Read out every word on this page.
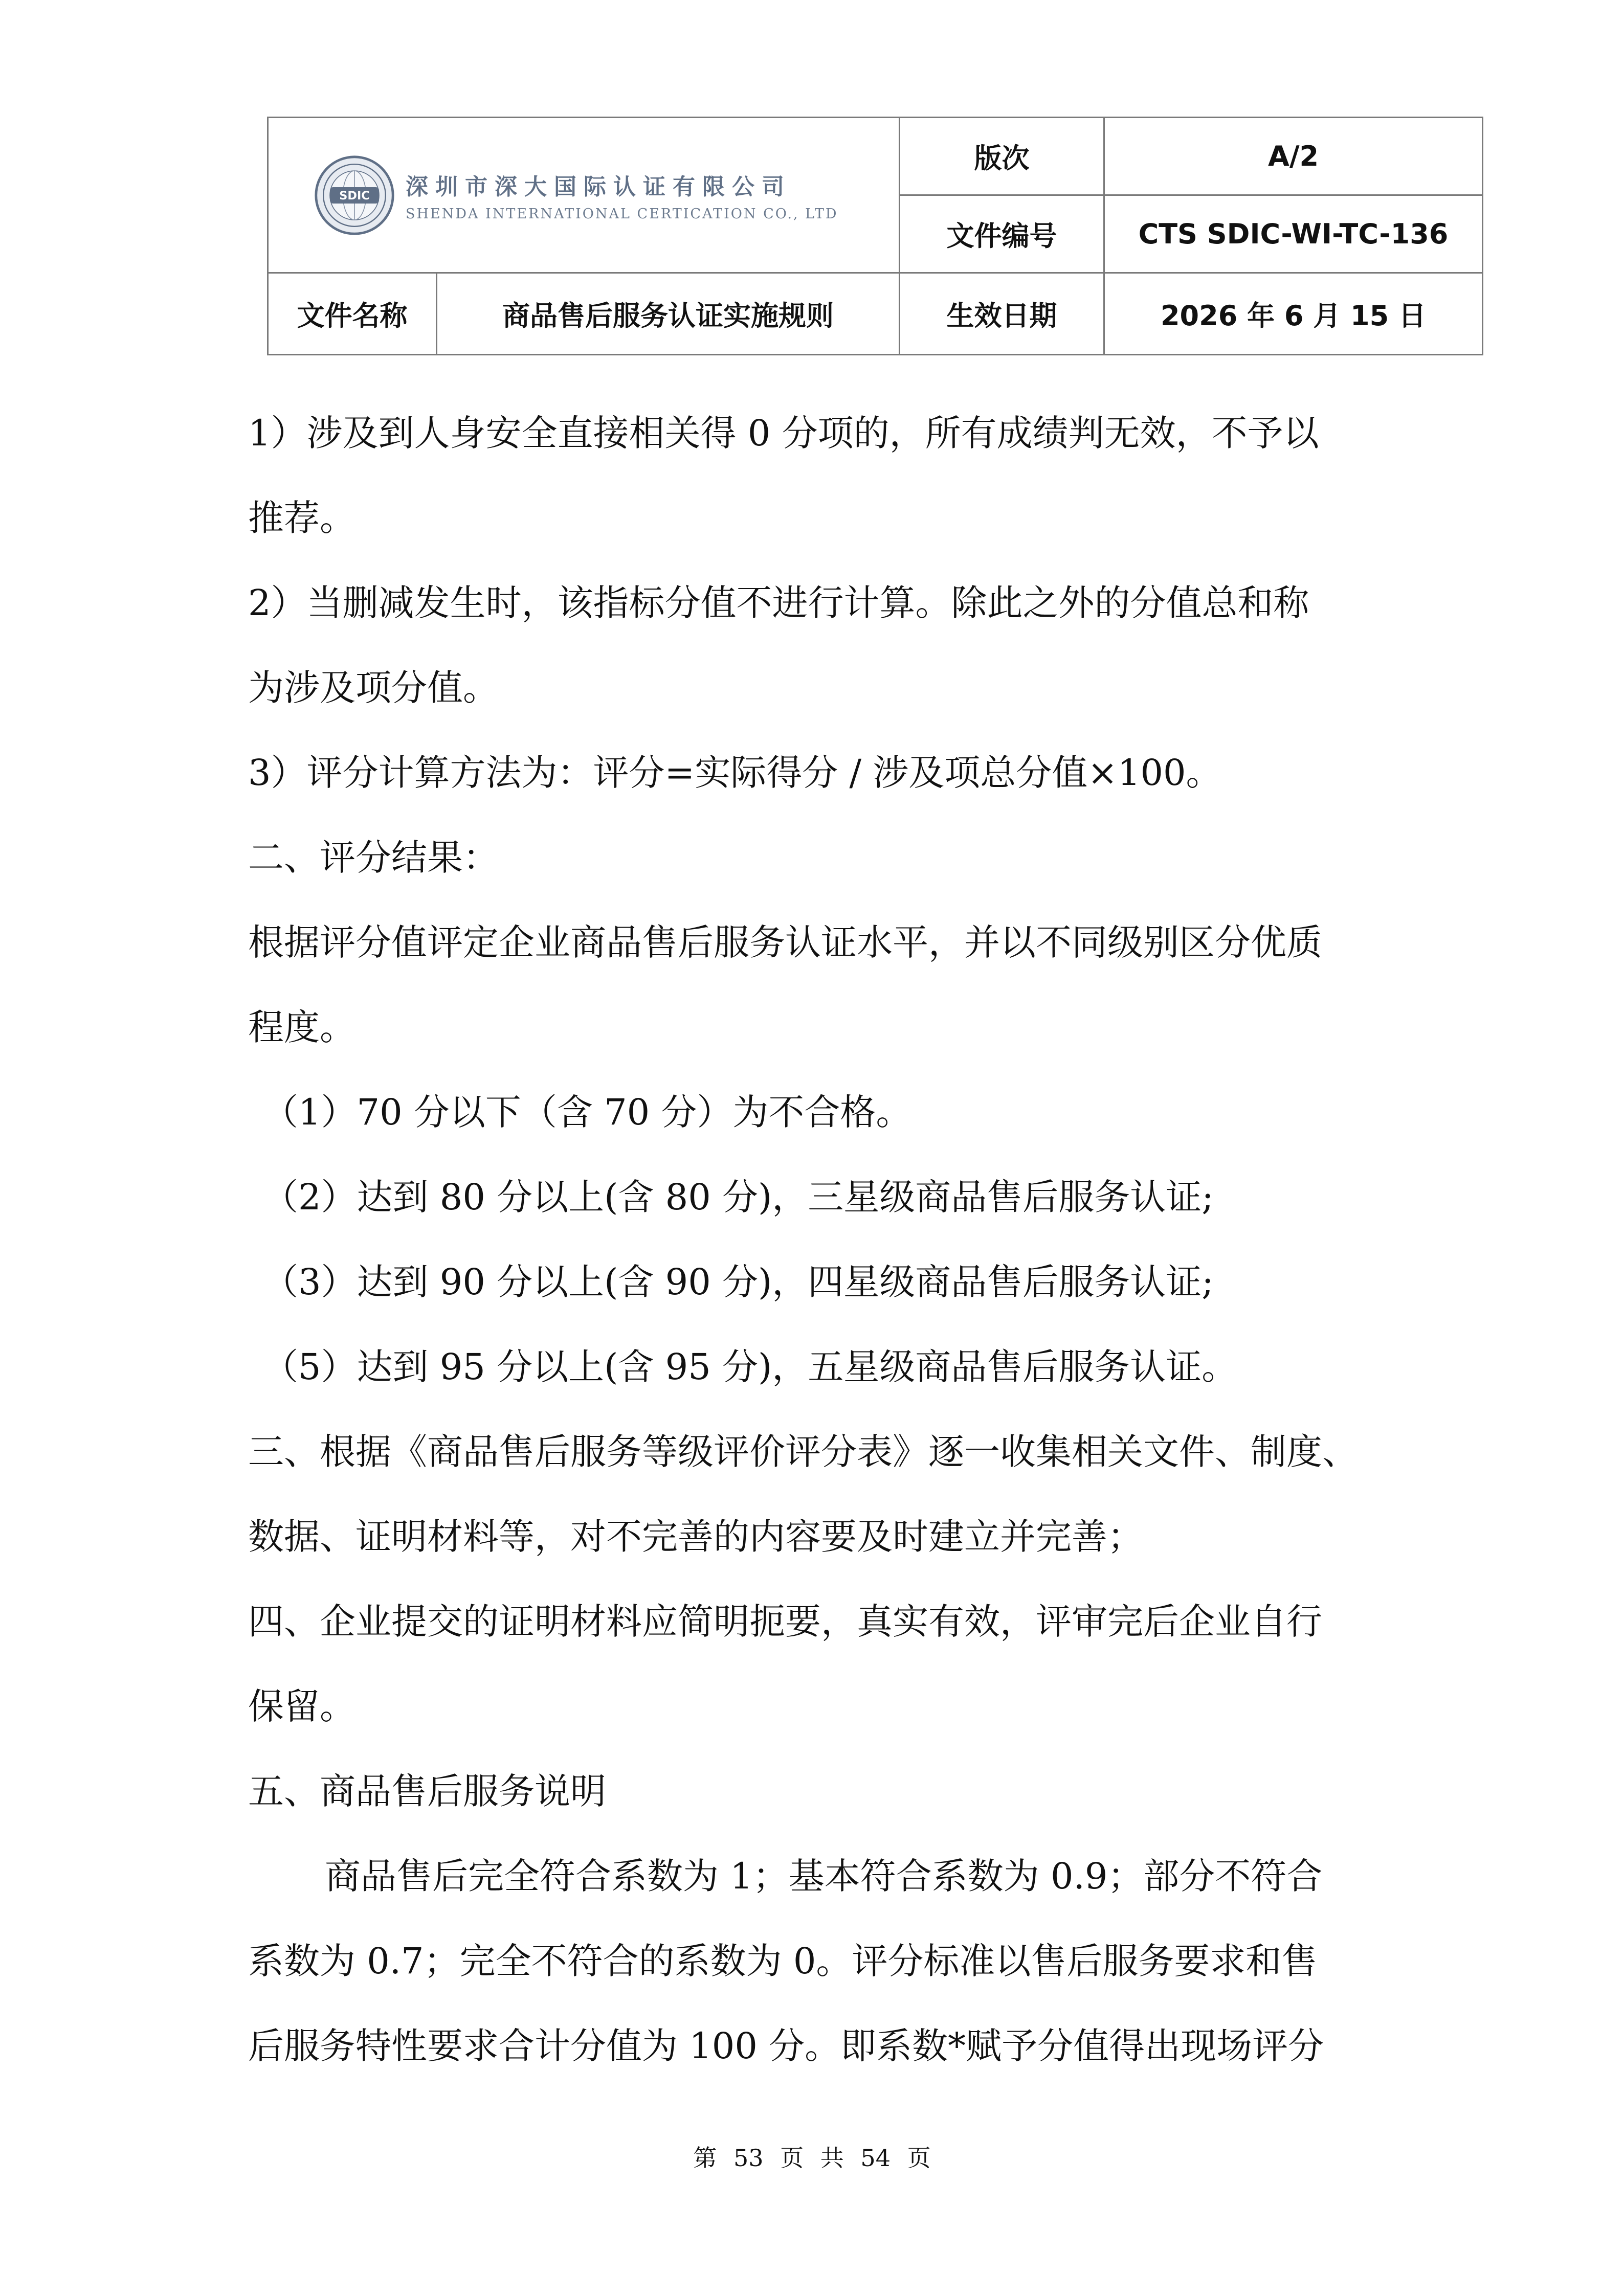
SDIC 深圳市深大国际认证有限公司
SHENDA INTERNATIONAL CERTICATION CO., LTD		版次	A/2
		文件编号	CTS SDIC-WI-TC-136
文件名称	商品售后服务认证实施规则	生效日期	2026 年 6 月 15 日

1）涉及到人身安全直接相关得 0 分项的，所有成绩判无效，不予以

推荐。

2）当删减发生时，该指标分值不进行计算。除此之外的分值总和称

为涉及项分值。

3）评分计算方法为：评分=实际得分 / 涉及项总分值×100。

二、评分结果：

根据评分值评定企业商品售后服务认证水平，并以不同级别区分优质

程度。

（1）70 分以下（含 70 分）为不合格。

（2）达到 80 分以上(含 80 分)，三星级商品售后服务认证;

（3）达到 90 分以上(含 90 分)，四星级商品售后服务认证;

（5）达到 95 分以上(含 95 分)，五星级商品售后服务认证。

三、根据《商品售后服务等级评价评分表》逐一收集相关文件、制度、

数据、证明材料等，对不完善的内容要及时建立并完善；

四、企业提交的证明材料应简明扼要，真实有效，评审完后企业自行

保留。

五、商品售后服务说明

商品售后完全符合系数为 1；基本符合系数为 0.9；部分不符合

系数为 0.7；完全不符合的系数为 0。评分标准以售后服务要求和售

后服务特性要求合计分值为 100 分。即系数*赋予分值得出现场评分

第 53 页 共 54 页
